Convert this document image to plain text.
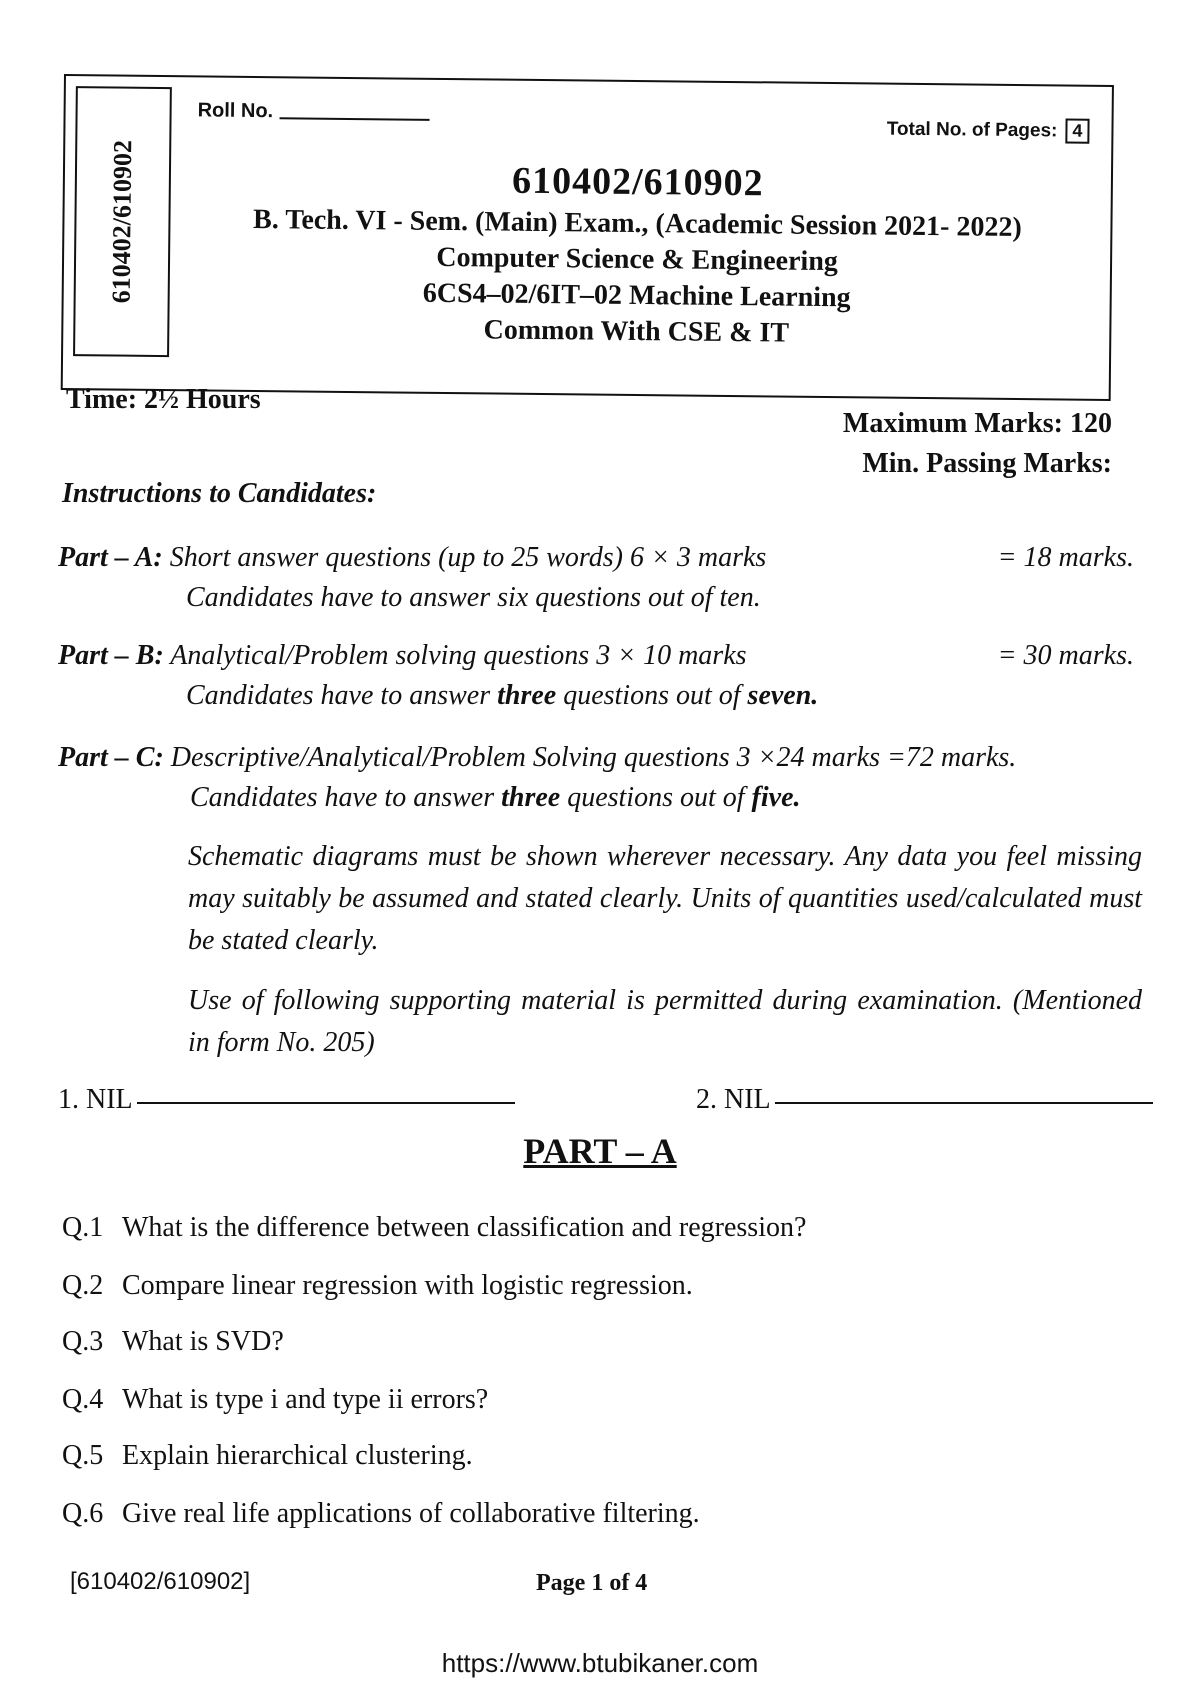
610402/610902
Roll No.
Total No. of Pages: 4
610402/610902
B. Tech. VI - Sem. (Main) Exam., (Academic Session 2021- 2022)
Computer Science & Engineering
6CS4–02/6IT–02 Machine Learning
Common With CSE & IT
Time: 2½ Hours
Maximum Marks: 120
Min. Passing Marks:
Instructions to Candidates:
Part – A: Short answer questions (up to 25 words) 6 × 3 marks	= 18 marks.
Candidates have to answer six questions out of ten.
Part – B: Analytical/Problem solving questions 3 × 10 marks	= 30 marks.
Candidates have to answer three questions out of seven.
Part – C: Descriptive/Analytical/Problem Solving questions 3 ×24 marks =72 marks.
Candidates have to answer three questions out of five.
Schematic diagrams must be shown wherever necessary. Any data you feel missing may suitably be assumed and stated clearly. Units of quantities used/calculated must be stated clearly.
Use of following supporting material is permitted during examination. (Mentioned in form No. 205)
1. NIL	2. NIL
PART – A
Q.1 What is the difference between classification and regression?
Q.2 Compare linear regression with logistic regression.
Q.3 What is SVD?
Q.4 What is type i and type ii errors?
Q.5 Explain hierarchical clustering.
Q.6 Give real life applications of collaborative filtering.
[610402/610902]	Page 1 of 4
https://www.btubikaner.com
